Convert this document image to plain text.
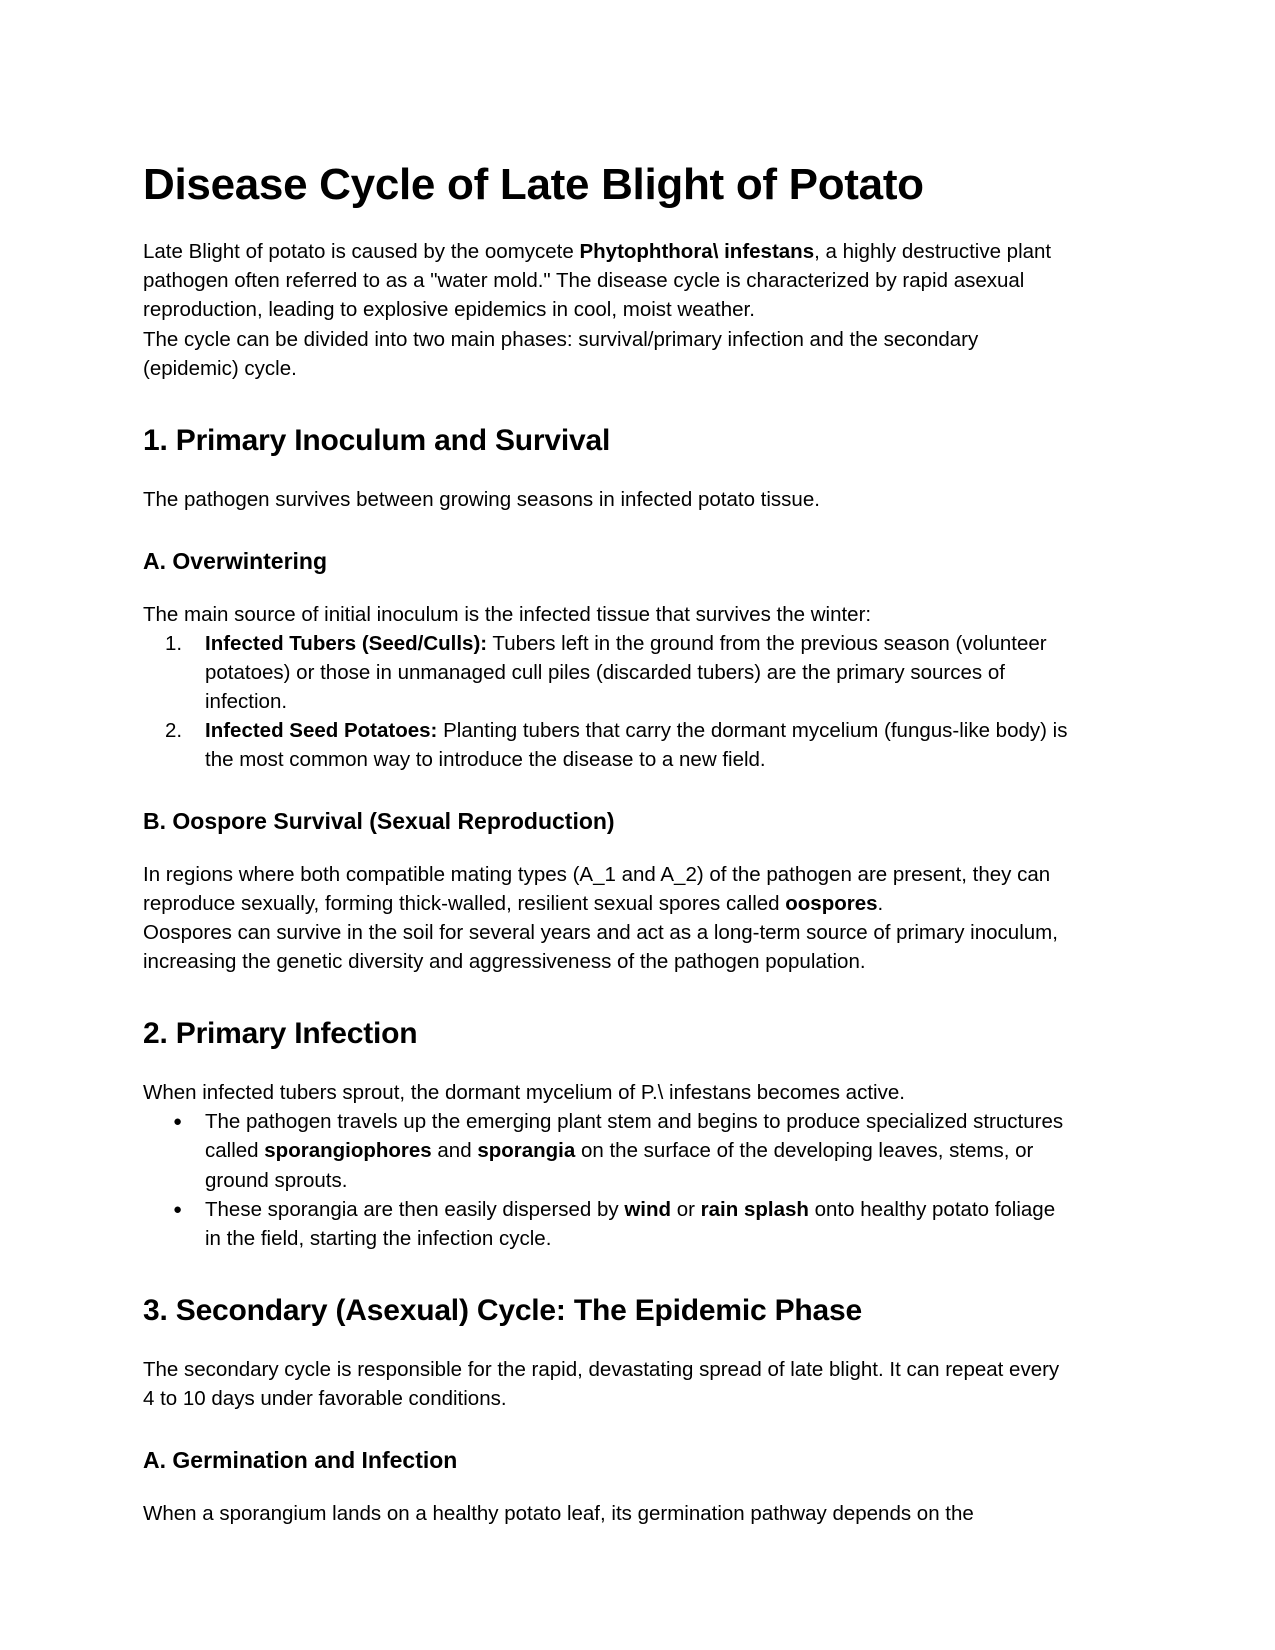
Disease Cycle of Late Blight of Potato

Late Blight of potato is caused by the oomycete Phytophthora\ infestans, a highly destructive plant pathogen often referred to as a "water mold." The disease cycle is characterized by rapid asexual reproduction, leading to explosive epidemics in cool, moist weather.

The cycle can be divided into two main phases: survival/primary infection and the secondary (epidemic) cycle.

1. Primary Inoculum and Survival

The pathogen survives between growing seasons in infected potato tissue.

A. Overwintering

The main source of initial inoculum is the infected tissue that survives the winter:

1.	Infected Tubers (Seed/Culls): Tubers left in the ground from the previous season (volunteer potatoes) or those in unmanaged cull piles (discarded tubers) are the primary sources of infection.
2.	Infected Seed Potatoes: Planting tubers that carry the dormant mycelium (fungus-like body) is the most common way to introduce the disease to a new field.
B. Oospore Survival (Sexual Reproduction)

In regions where both compatible mating types (A_1 and A_2) of the pathogen are present, they can reproduce sexually, forming thick-walled, resilient sexual spores called oospores.

Oospores can survive in the soil for several years and act as a long-term source of primary inoculum, increasing the genetic diversity and aggressiveness of the pathogen population.

2. Primary Infection

When infected tubers sprout, the dormant mycelium of P.\ infestans becomes active.

● The pathogen travels up the emerging plant stem and begins to produce specialized structures called sporangiophores and sporangia on the surface of the developing leaves, stems, or ground sprouts.
● These sporangia are then easily dispersed by wind or rain splash onto healthy potato foliage in the field, starting the infection cycle.
3. Secondary (Asexual) Cycle: The Epidemic Phase

The secondary cycle is responsible for the rapid, devastating spread of late blight. It can repeat every 4 to 10 days under favorable conditions.

A. Germination and Infection

When a sporangium lands on a healthy potato leaf, its germination pathway depends on the
